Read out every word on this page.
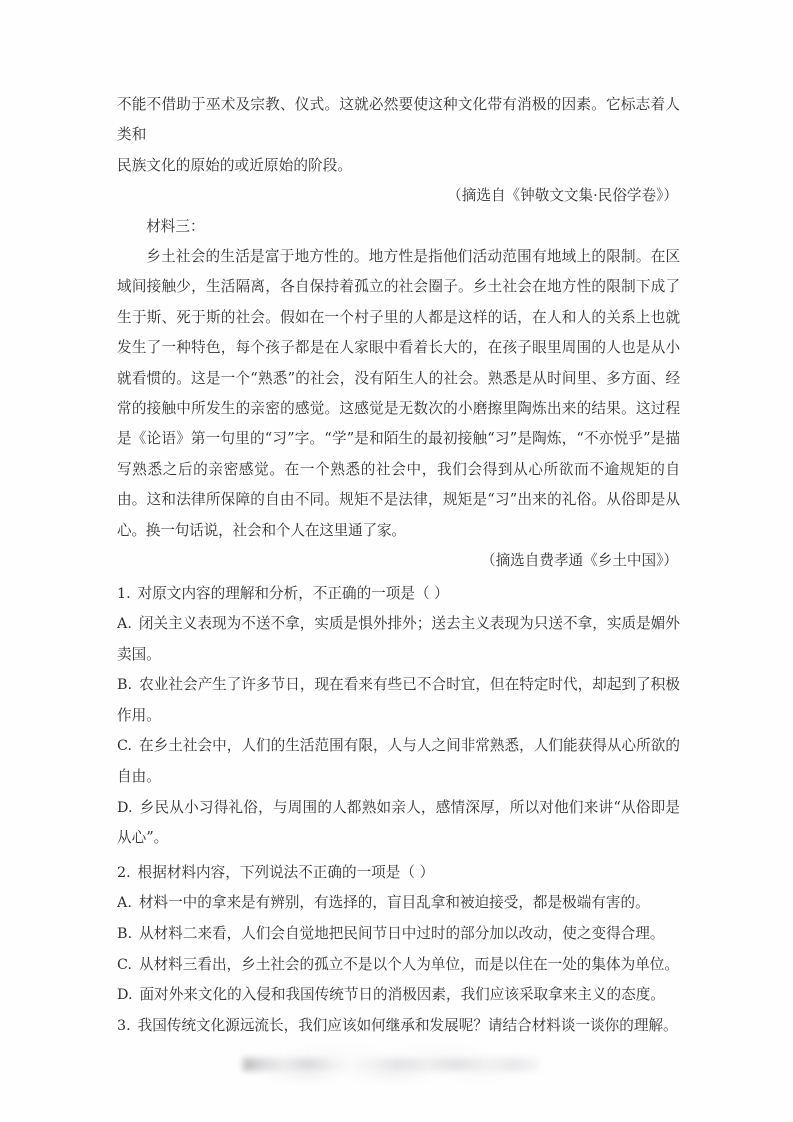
不能不借助于巫术及宗教、仪式。这就必然要使这种文化带有消极的因素。它标志着人类和

民族文化的原始的或近原始的阶段。

（摘选自《钟敬文文集·民俗学卷》）

材料三：

乡土社会的生活是富于地方性的。地方性是指他们活动范围有地域上的限制。在区域间接触少，生活隔离，各自保持着孤立的社会圈子。乡土社会在地方性的限制下成了生于斯、死于斯的社会。假如在一个村子里的人都是这样的话，在人和人的关系上也就发生了一种特色，每个孩子都是在人家眼中看着长大的，在孩子眼里周围的人也是从小就看惯的。这是一个“熟悉”的社会，没有陌生人的社会。熟悉是从时间里、多方面、经常的接触中所发生的亲密的感觉。这感觉是无数次的小磨擦里陶炼出来的结果。这过程是《论语》第一句里的“习”字。“学”是和陌生的最初接触“习”是陶炼，“不亦悦乎”是描写熟悉之后的亲密感觉。在一个熟悉的社会中，我们会得到从心所欲而不逾规矩的自由。这和法律所保障的自由不同。规矩不是法律，规矩是“习”出来的礼俗。从俗即是从心。换一句话说，社会和个人在这里通了家。

（摘选自费孝通《乡土中国》）

1. 对原文内容的理解和分析，不正确的一项是（ ）

A. 闭关主义表现为不送不拿，实质是惧外排外；送去主义表现为只送不拿，实质是媚外卖国。

B. 农业社会产生了许多节日，现在看来有些已不合时宜，但在特定时代，却起到了积极作用。

C. 在乡土社会中，人们的生活范围有限，人与人之间非常熟悉，人们能获得从心所欲的自由。

D. 乡民从小习得礼俗，与周围的人都熟如亲人，感情深厚，所以对他们来讲“从俗即是从心”。

2. 根据材料内容，下列说法不正确的一项是（ ）

A. 材料一中的拿来是有辨别，有选择的，盲目乱拿和被迫接受，都是极端有害的。

B. 从材料二来看，人们会自觉地把民间节日中过时的部分加以改动，使之变得合理。

C. 从材料三看出，乡土社会的孤立不是以个人为单位，而是以住在一处的集体为单位。

D. 面对外来文化的入侵和我国传统节日的消极因素，我们应该采取拿来主义的态度。

3. 我国传统文化源远流长，我们应该如何继承和发展呢？请结合材料谈一谈你的理解。
